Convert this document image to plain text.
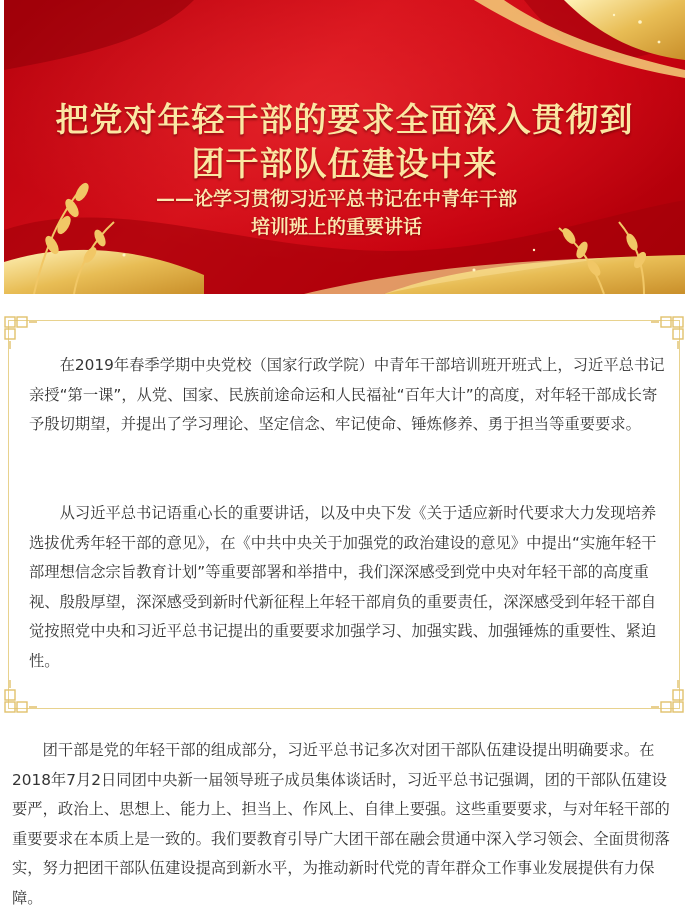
把党对年轻干部的要求全面深入贯彻到
团干部队伍建设中来
——论学习贯彻习近平总书记在中青年干部
培训班上的重要讲话

　　在2019年春季学期中央党校（国家行政学院）中青年干部培训班开班式上，习近平总书记亲授“第一课”，从党、国家、民族前途命运和人民福祉“百年大计”的高度，对年轻干部成长寄予殷切期望，并提出了学习理论、坚定信念、牢记使命、锤炼修养、勇于担当等重要要求。

　　从习近平总书记语重心长的重要讲话，以及中央下发《关于适应新时代要求大力发现培养选拔优秀年轻干部的意见》，在《中共中央关于加强党的政治建设的意见》中提出“实施年轻干部理想信念宗旨教育计划”等重要部署和举措中，我们深深感受到党中央对年轻干部的高度重视、殷殷厚望，深深感受到新时代新征程上年轻干部肩负的重要责任，深深感受到年轻干部自觉按照党中央和习近平总书记提出的重要要求加强学习、加强实践、加强锤炼的重要性、紧迫性。

　　团干部是党的年轻干部的组成部分，习近平总书记多次对团干部队伍建设提出明确要求。在2018年7月2日同团中央新一届领导班子成员集体谈话时，习近平总书记强调，团的干部队伍建设要严，政治上、思想上、能力上、担当上、作风上、自律上要强。这些重要要求，与对年轻干部的重要要求在本质上是一致的。我们要教育引导广大团干部在融会贯通中深入学习领会、全面贯彻落实，努力把团干部队伍建设提高到新水平，为推动新时代党的青年群众工作事业发展提供有力保障。
